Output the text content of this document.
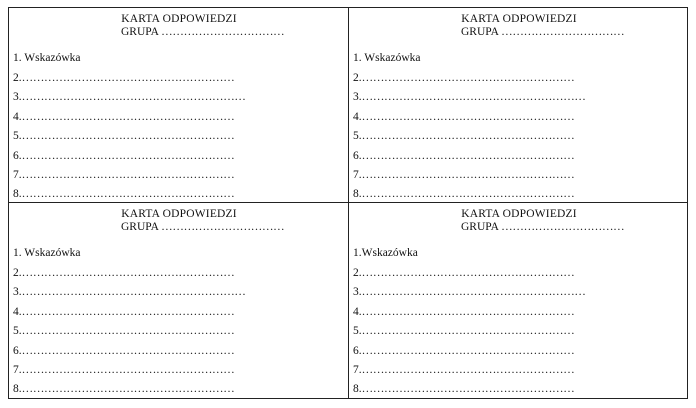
KARTA ODPOWIEDZI
GRUPA ……………………………
1. Wskazówka
2.…………………………………………………
3.……………………………………………………
4.…………………………………………………
5.…………………………………………………
6.…………………………………………………
7.…………………………………………………
8.…………………………………………………
KARTA ODPOWIEDZI
GRUPA ……………………………
1. Wskazówka
2.…………………………………………………
3.……………………………………………………
4.…………………………………………………
5.…………………………………………………
6.…………………………………………………
7.…………………………………………………
8.…………………………………………………
KARTA ODPOWIEDZI
GRUPA ……………………………
1. Wskazówka
2.…………………………………………………
3.……………………………………………………
4.…………………………………………………
5.…………………………………………………
6.…………………………………………………
7.…………………………………………………
8.…………………………………………………
KARTA ODPOWIEDZI
GRUPA ……………………………
1.Wskazówka
2.…………………………………………………
3.……………………………………………………
4.…………………………………………………
5.…………………………………………………
6.…………………………………………………
7.…………………………………………………
8.…………………………………………………
